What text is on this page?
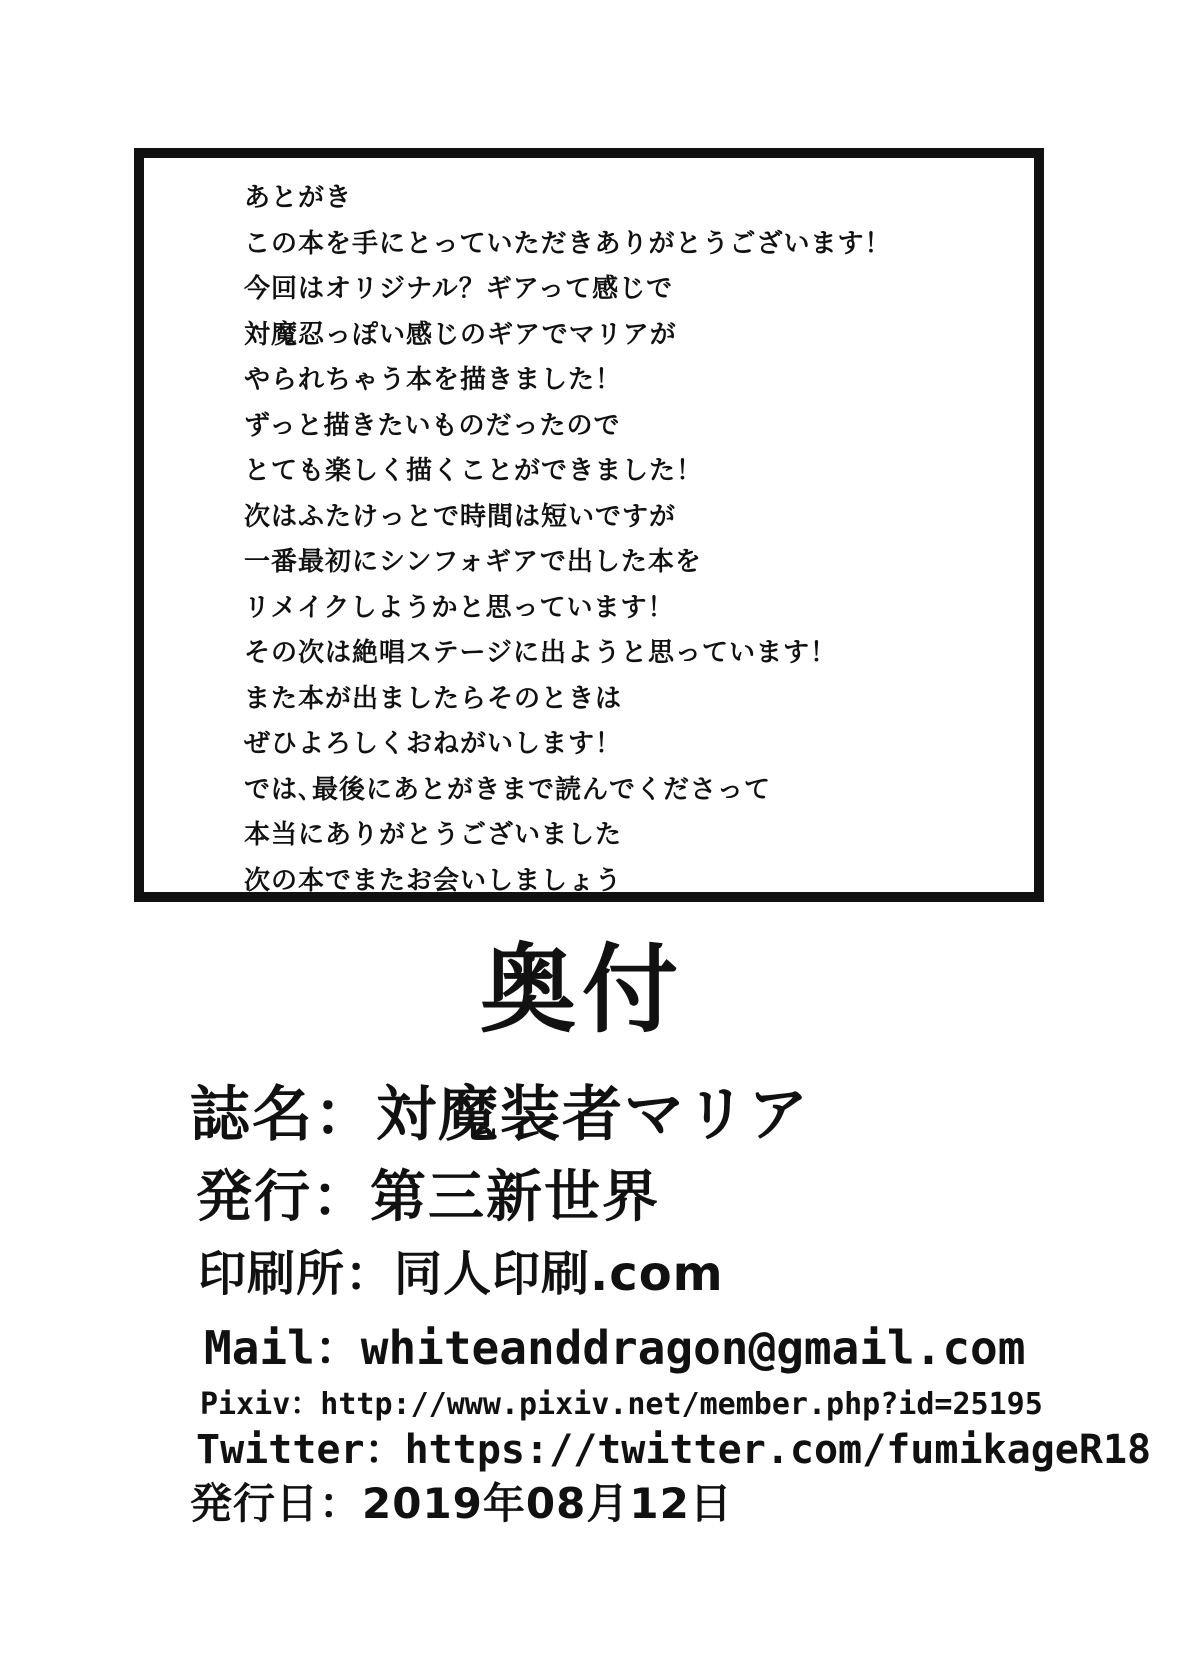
あとがき
この本を手にとっていただきありがとうございます！
今回はオリジナル？ギアって感じで
対魔忍っぽい感じのギアでマリアが
やられちゃう本を描きました！
ずっと描きたいものだったので
とても楽しく描くことができました！
次はふたけっとで時間は短いですが
一番最初にシンフォギアで出した本を
リメイクしようかと思っています！
その次は絶唱ステージに出ようと思っています！
また本が出ましたらそのときは
ぜひよろしくおねがいします！
では､最後にあとがきまで読んでくださって
本当にありがとうございました
次の本でまたお会いしましょう
奥付
誌名：対魔装者マリア
発行：第三新世界
印刷所：同人印刷.com
Mail：whiteanddragon@gmail.com
Pixiv：http://www.pixiv.net/member.php?id=25195
Twitter：https://twitter.com/fumikageR18
発行日：2019年08月12日
